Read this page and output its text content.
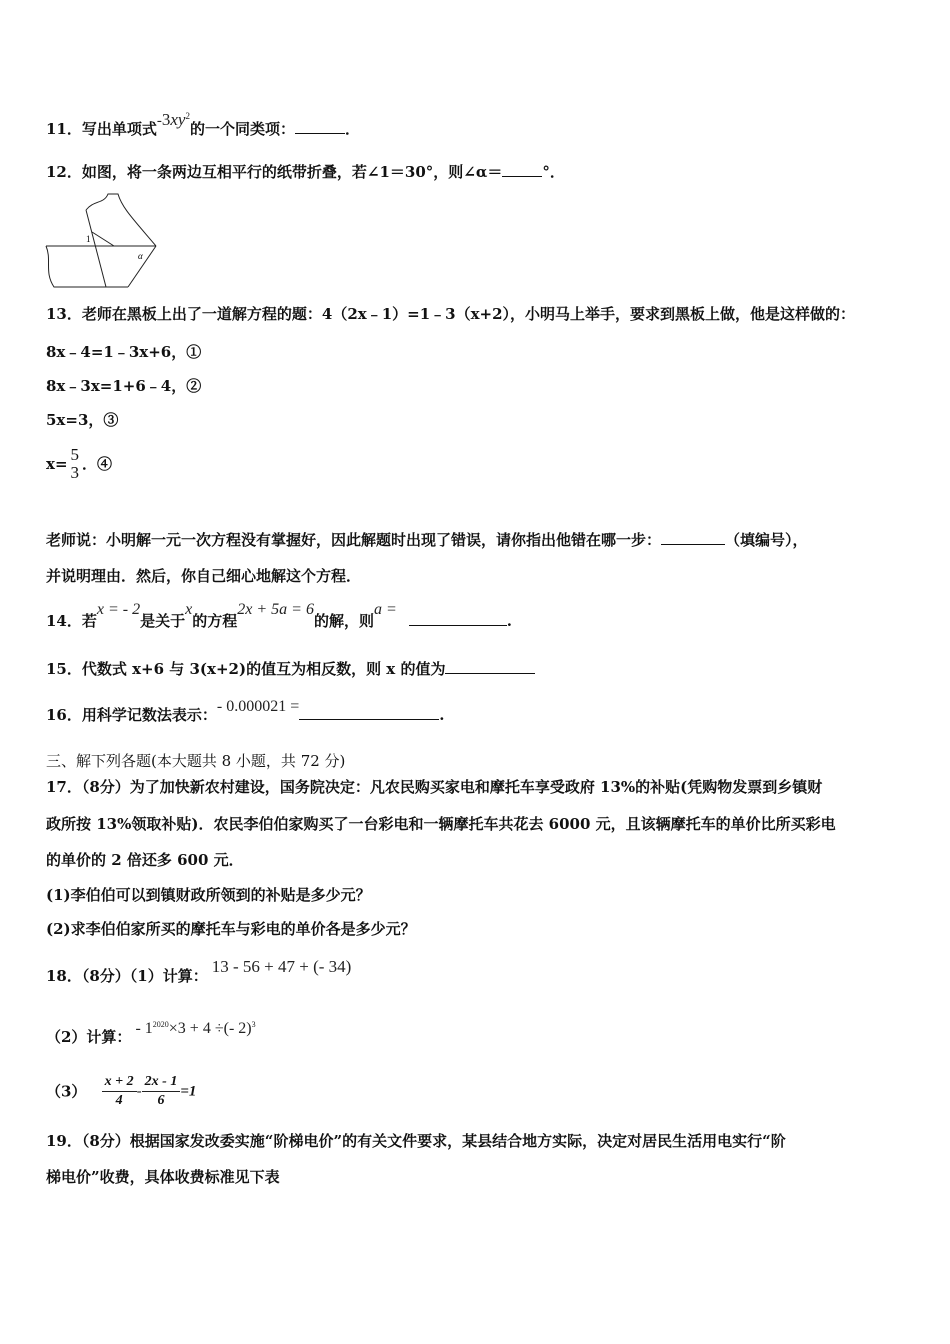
11．写出单项式$-3xy^2$的一个同类项：	．
12．如图，将一条两边互相平行的纸带折叠，若∠1＝30°，则∠α＝	°．
1
α
13．老师在黑板上出了一道解方程的题：4（2x﹣1）=1﹣3（x+2），小明马上举手，要求到黑板上做，他是这样做的：
8x﹣4=1﹣3x+6，①
8x﹣3x=1+6﹣4，②
5x=3，③
x= 5
3 ．④
老师说：小明解一元一次方程没有掌握好，因此解题时出现了错误，请你指出他错在哪一步：	（填编号），
并说明理由．然后，你自己细心地解这个方程．
14．若x = - 2是关于x的方程2x + 5a = 6的解，则a =.
15．代数式 x+6 与 3(x+2)的值互为相反数，则 x 的值为
16．用科学记数法表示：- 0.000021 =	.
三、解下列各题(本大题共 8 小题，共 72 分)
17．（8分）为了加快新农村建设，国务院决定：凡农民购买家电和摩托车享受政府 13%的补贴(凭购物发票到乡镇财
政所按 13%领取补贴)．农民李伯伯家购买了一台彩电和一辆摩托车共花去 6000 元，且该辆摩托车的单价比所买彩电
的单价的 2 倍还多 600 元．
(1)李伯伯可以到镇财政所领到的补贴是多少元？
(2)求李伯伯家所买的摩托车与彩电的单价各是多少元？
18．（8分）（1）计算： 13 - 56 + 47 + (- 34)
（2）计算： - $1^{2020}\times 3 + 4$ ÷(- 2)$^3$
$(3) \frac{x + 2}{4} - \frac{2x - 1}{6} =1$
19．（8分）根据国家发改委实施“阶梯电价”的有关文件要求，某县结合地方实际，决定对居民生活用电实行“阶
梯电价”收费，具体收费标准见下表
